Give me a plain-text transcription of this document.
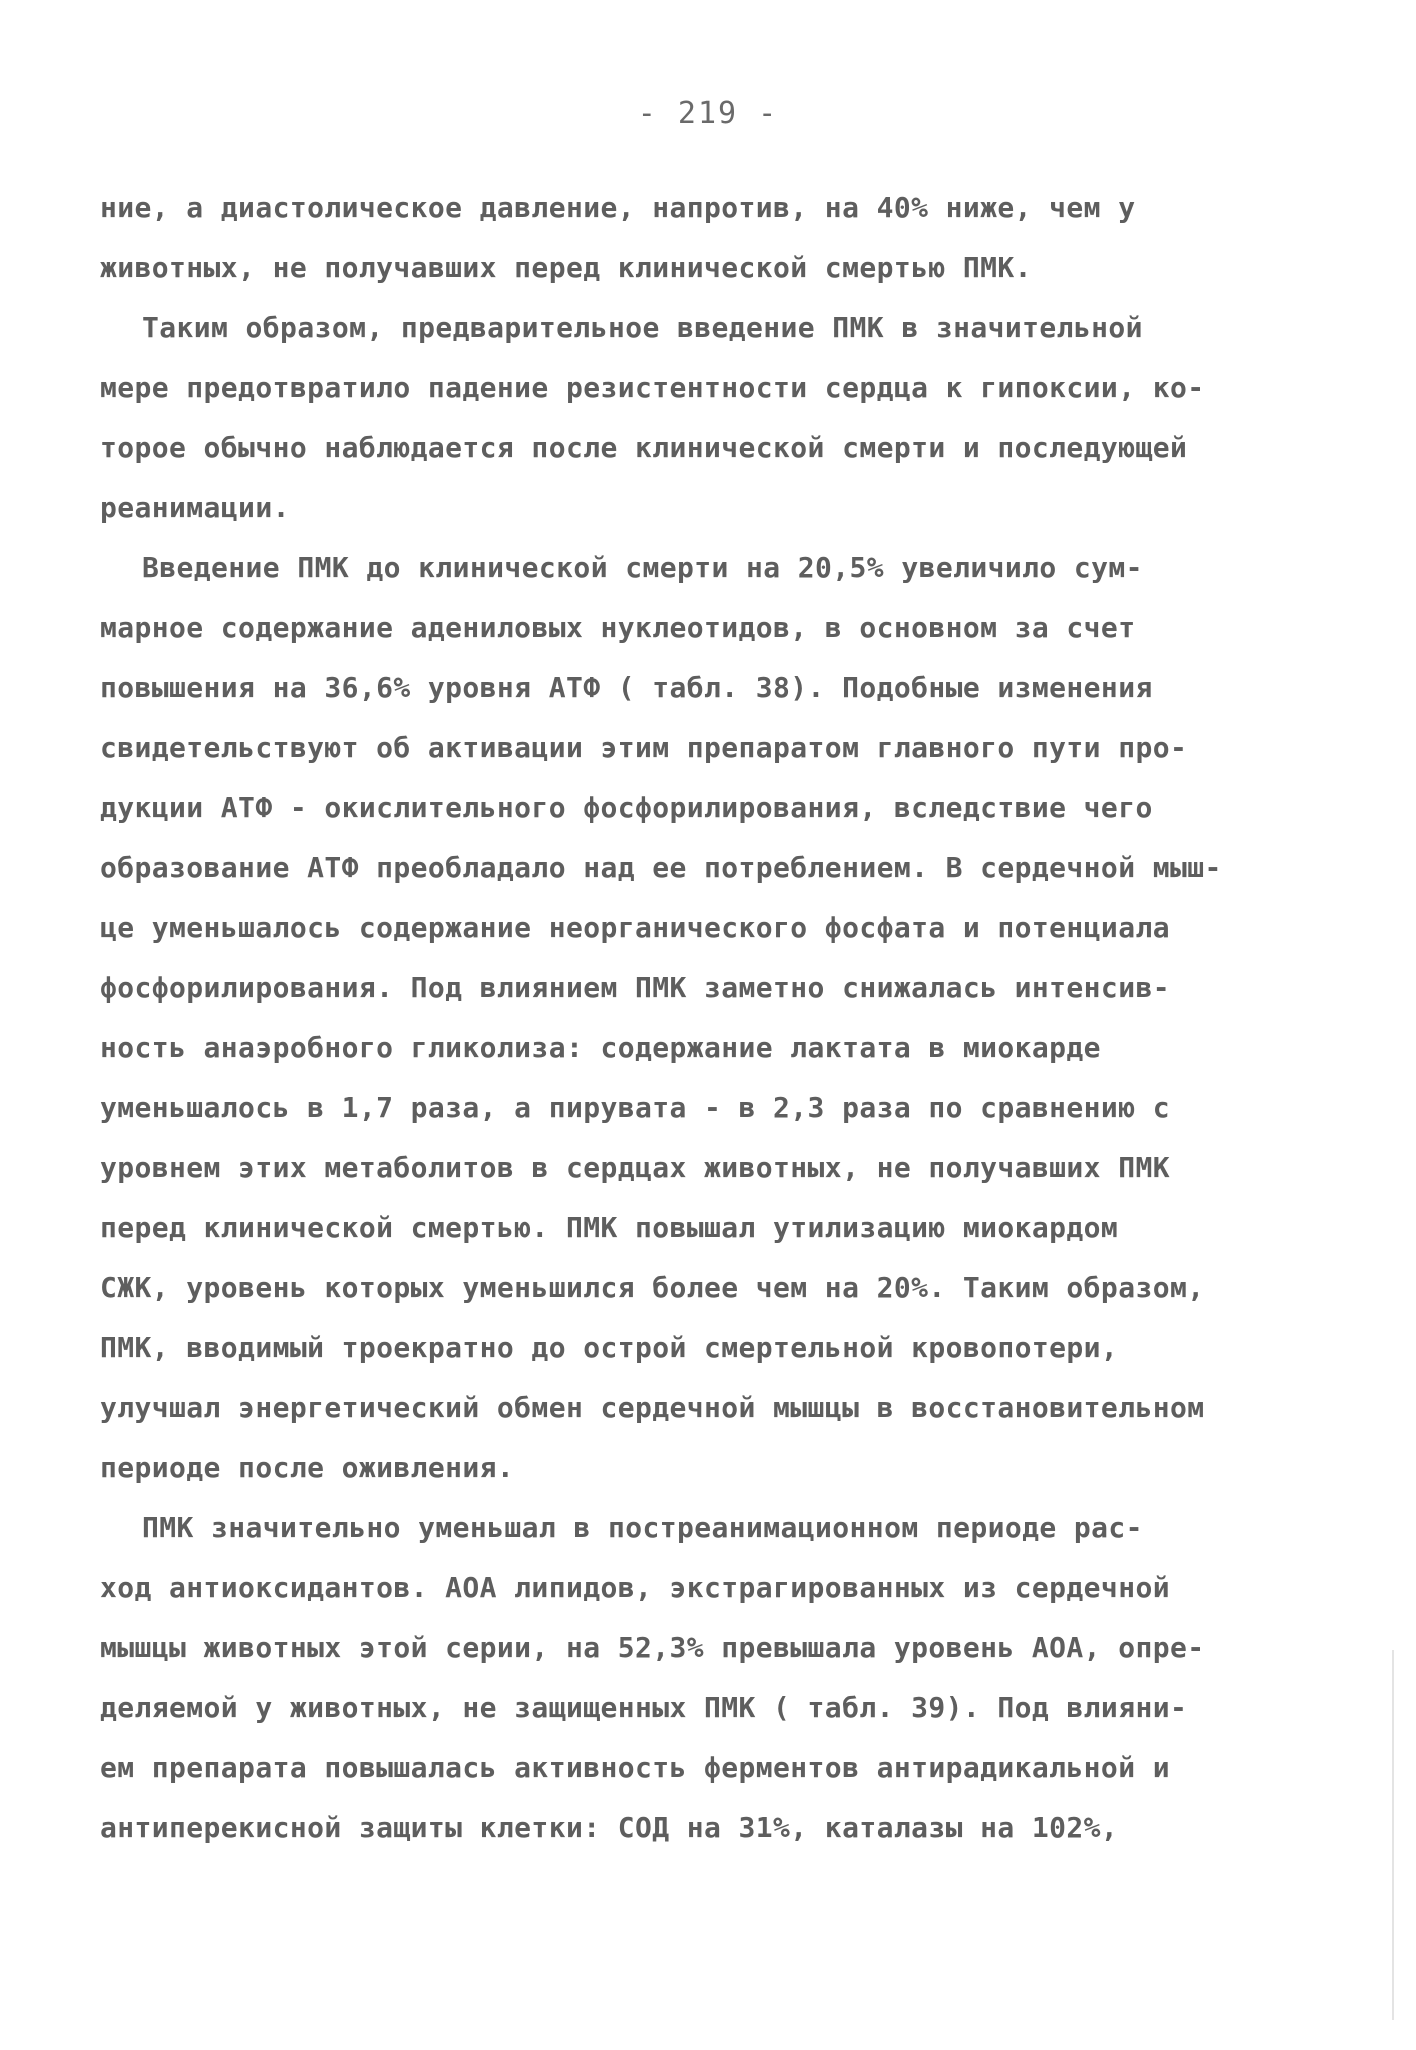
- 219 -
ние, а диастолическое давление, напротив, на 40% ниже, чем у
животных, не получавших перед клинической смертью ПМК.
Таким образом, предварительное введение ПМК в значительной
мере предотвратило падение резистентности сердца к гипоксии, ко-
торое обычно наблюдается после клинической смерти и последующей
реанимации.
Введение ПМК до клинической смерти на 20,5% увеличило сум-
марное содержание адениловых нуклеотидов, в основном за счет
повышения на 36,6% уровня АТФ ( табл. 38). Подобные изменения
свидетельствуют об активации этим препаратом главного пути про-
дукции АТФ - окислительного фосфорилирования, вследствие чего
образование АТФ преобладало над ее потреблением. В сердечной мыш-
це уменьшалось содержание неорганического фосфата и потенциала
фосфорилирования. Под влиянием ПМК заметно снижалась интенсив-
ность анаэробного гликолиза: содержание лактата в миокарде
уменьшалось в 1,7 раза, а пирувата - в 2,3 раза по сравнению с
уровнем этих метаболитов в сердцах животных, не получавших ПМК
перед клинической смертью. ПМК повышал утилизацию миокардом
СЖК, уровень которых уменьшился более чем на 20%. Таким образом,
ПМК, вводимый троекратно до острой смертельной кровопотери,
улучшал энергетический обмен сердечной мышцы в восстановительном
периоде после оживления.
ПМК значительно уменьшал в постреанимационном периоде рас-
ход антиоксидантов. АОА липидов, экстрагированных из сердечной
мышцы животных этой серии, на 52,3% превышала уровень АОА, опре-
деляемой у животных, не защищенных ПМК ( табл. 39). Под влияни-
ем препарата повышалась активность ферментов антирадикальной и
антиперекисной защиты клетки: СОД на 31%, каталазы на 102%,
